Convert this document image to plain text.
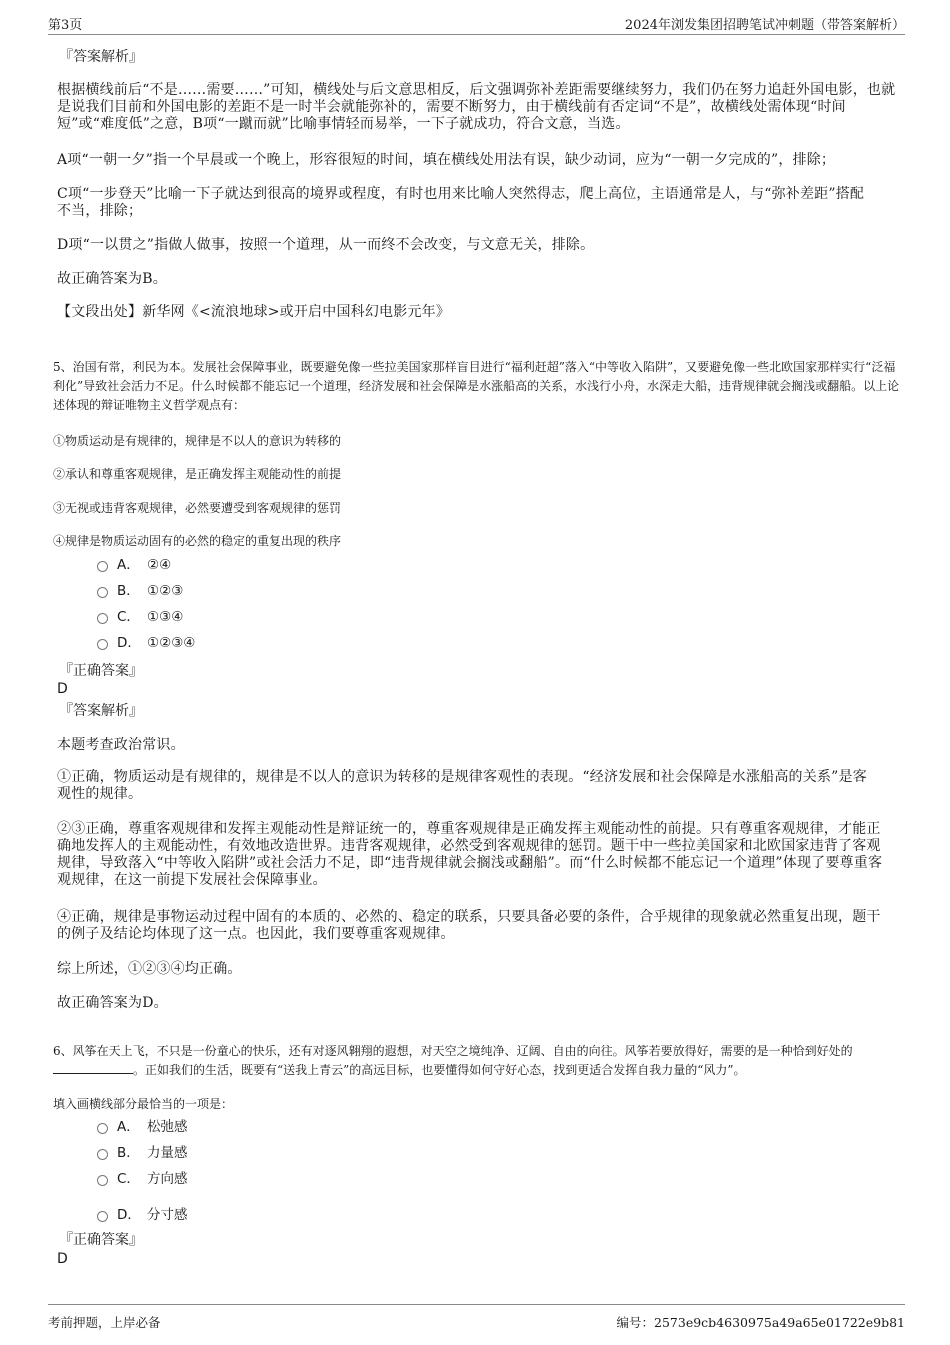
第3页	2024年浏发集团招聘笔试冲刺题（带答案解析）
『答案解析』

根据横线前后“不是……需要……”可知，横线处与后文意思相反，后文强调弥补差距需要继续努力，我们仍在努力追赶外国电影，也就是说我们目前和外国电影的差距不是一时半会就能弥补的，需要不断努力，由于横线前有否定词“不是”，故横线处需体现“时间短”或“难度低”之意，B项“一蹴而就”比喻事情轻而易举，一下子就成功，符合文意，当选。

A项“一朝一夕”指一个早晨或一个晚上，形容很短的时间，填在横线处用法有误，缺少动词，应为“一朝一夕完成的”，排除；

C项“一步登天”比喻一下子就达到很高的境界或程度，有时也用来比喻人突然得志，爬上高位，主语通常是人，与“弥补差距”搭配不当，排除；

D项“一以贯之”指做人做事，按照一个道理，从一而终不会改变，与文意无关，排除。

故正确答案为B。

【文段出处】新华网《<流浪地球>或开启中国科幻电影元年》

5、治国有常，利民为本。发展社会保障事业，既要避免像一些拉美国家那样盲目进行“福利赶超”落入“中等收入陷阱”，又要避免像一些北欧国家那样实行“泛福利化”导致社会活力不足。什么时候都不能忘记一个道理，经济发展和社会保障是水涨船高的关系，水浅行小舟，水深走大船，违背规律就会搁浅或翻船。以上论述体现的辩证唯物主义哲学观点有：

①物质运动是有规律的，规律是不以人的意识为转移的

②承认和尊重客观规律，是正确发挥主观能动性的前提

③无视或违背客观规律，必然要遭受到客观规律的惩罚

④规律是物质运动固有的必然的稳定的重复出现的秩序

A． ②④
B． ①②③
C． ①③④
D． ①②③④
『正确答案』
D
『答案解析』

本题考查政治常识。

①正确，物质运动是有规律的，规律是不以人的意识为转移的是规律客观性的表现。“经济发展和社会保障是水涨船高的关系”是客观性的规律。

②③正确，尊重客观规律和发挥主观能动性是辩证统一的，尊重客观规律是正确发挥主观能动性的前提。只有尊重客观规律，才能正确地发挥人的主观能动性，有效地改造世界。违背客观规律，必然受到客观规律的惩罚。题干中一些拉美国家和北欧国家违背了客观规律，导致落入“中等收入陷阱”或社会活力不足，即“违背规律就会搁浅或翻船”。而“什么时候都不能忘记一个道理”体现了要尊重客观规律，在这一前提下发展社会保障事业。

④正确，规律是事物运动过程中固有的本质的、必然的、稳定的联系，只要具备必要的条件，合乎规律的现象就必然重复出现，题干的例子及结论均体现了这一点。也因此，我们要尊重客观规律。

综上所述，①②③④均正确。

故正确答案为D。

6、风筝在天上飞，不只是一份童心的快乐，还有对逐风翱翔的遐想，对天空之境纯净、辽阔、自由的向往。风筝若要放得好，需要的是一种恰到好处的。正如我们的生活，既要有“送我上青云”的高远目标，也要懂得如何守好心态，找到更适合发挥自我力量的“风力”。

填入画横线部分最恰当的一项是：

A． 松弛感
B． 力量感
C． 方向感
D． 分寸感
『正确答案』
D
考前押题，上岸必备	编号：2573e9cb4630975a49a65e01722e9b81
